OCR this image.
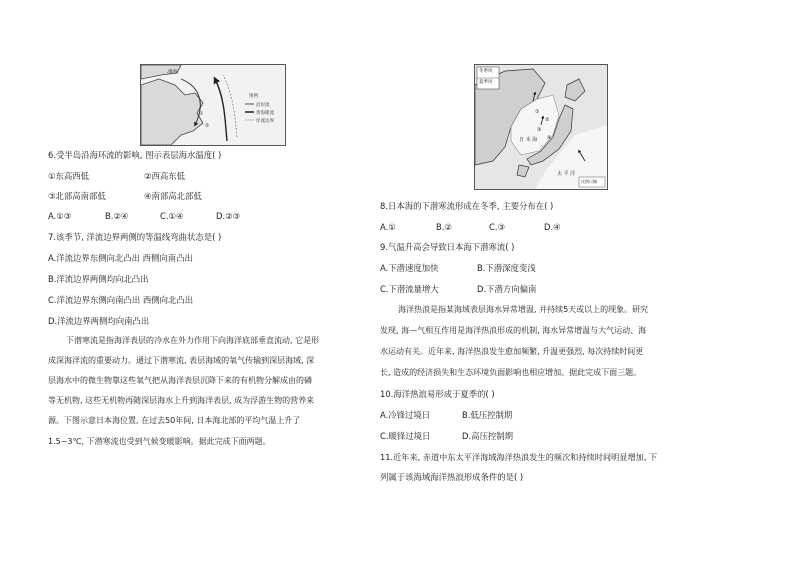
①
②
图例
沿岸流
黄海暖流
洋流边界
渤海
6.受半岛沿海环流的影响, 图示表层海水温度( )
①东高西低	②西高东低
③北部高南部低	④南部高北部低
A.①③	B.②④	C.①④	D.②③
7.该季节, 洋流边界两侧的等温线弯曲状态是( )
A.洋流边界东侧向北凸出 西侧向南凸出
B.洋流边界两侧均向北凸出
C.洋流边界东侧向南凸出 西侧向北凸出
D.洋流边界两侧均向南凸出
下潜寒流是指海洋表层的冷水在外力作用下向海洋底部垂直流动, 它是形
成深海洋流的重要动力。通过下潜寒流, 表层海域的氧气传输到深层海域, 深
层海水中的微生物靠这些氧气把从海洋表层沉降下来的有机物分解成由的磷
等无机物, 这些无机物再随深层海水上升到海洋表层, 成为浮游生物的营养来
源。下图示意日本海位置, 在过去50年间, 日本海北部的平均气温上升了
1.5~3℃, 下潜寒流也受到气候变暖影响。据此完成下面两题。
①
②
③
④
冬季风
夏季风
日 本 海
太 平 洋
比例尺略
8.日本海的下潜寒流形成在冬季, 主要分布在( )
A.①	B.②	C.③	D.④
9.气温升高会导致日本海下潜寒流( )
A.下潜速度加快	B.下潜深度变浅
C.下潜流量增大	D.下潜方向偏南
海洋热浪是指某海域表层海水异常增温, 并持续5天或以上的现象。研究
发现, 海—气相互作用是海洋热浪形成的机制, 海水异常增温与大气运动、海
水运动有关。近年来, 海洋热浪发生愈加频繁, 升温更强烈, 每次持续时间更
长, 造成的经济损失和生态环境负面影响也相应增加。据此完成下面三题。
10.海洋热浪易形成于夏季的( )
A.冷锋过境日	B.低压控制期
C.暖锋过境日	D.高压控制期
11.近年来, 赤道中东太平洋海域海洋热浪发生的频次和持续时间明显增加, 下
列属于该海域海洋热浪形成条件的是( )
